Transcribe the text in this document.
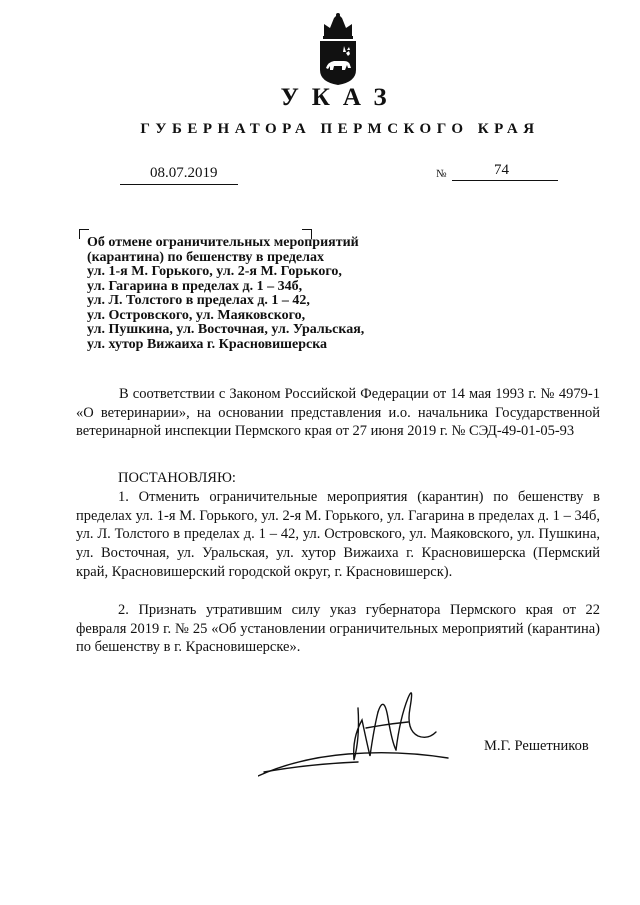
УКАЗ
ГУБЕРНАТОРА ПЕРМСКОГО КРАЯ
08.07.2019	№	74
Об отмене ограничительных мероприятий
(карантина) по бешенству в пределах
ул. 1-я М. Горького, ул. 2-я М. Горького,
ул. Гагарина в пределах д. 1 – 34б,
ул. Л. Толстого в пределах д. 1 – 42,
ул. Островского, ул. Маяковского,
ул. Пушкина, ул. Восточная, ул. Уральская,
ул. хутор Вижаиха г. Красновишерска
В соответствии с Законом Российской Федерации от 14 мая 1993 г. № 4979-1 «О ветеринарии», на основании представления и.о. начальника Государственной ветеринарной инспекции Пермского края от 27 июня 2019 г. № СЭД-49-01-05-93
ПОСТАНОВЛЯЮ:
1. Отменить ограничительные мероприятия (карантин) по бешенству в пределах ул. 1-я М. Горького, ул. 2-я М. Горького, ул. Гагарина в пределах д. 1 – 34б, ул. Л. Толстого в пределах д. 1 – 42, ул. Островского, ул. Маяковского, ул. Пушкина, ул. Восточная, ул. Уральская, ул. хутор Вижаиха г. Красновишерска (Пермский край, Красновишерский городской округ, г. Красновишерск).
2. Признать утратившим силу указ губернатора Пермского края от 22 февраля 2019 г. № 25 «Об установлении ограничительных мероприятий (карантина) по бешенству в г. Красновишерске».
М.Г. Решетников
